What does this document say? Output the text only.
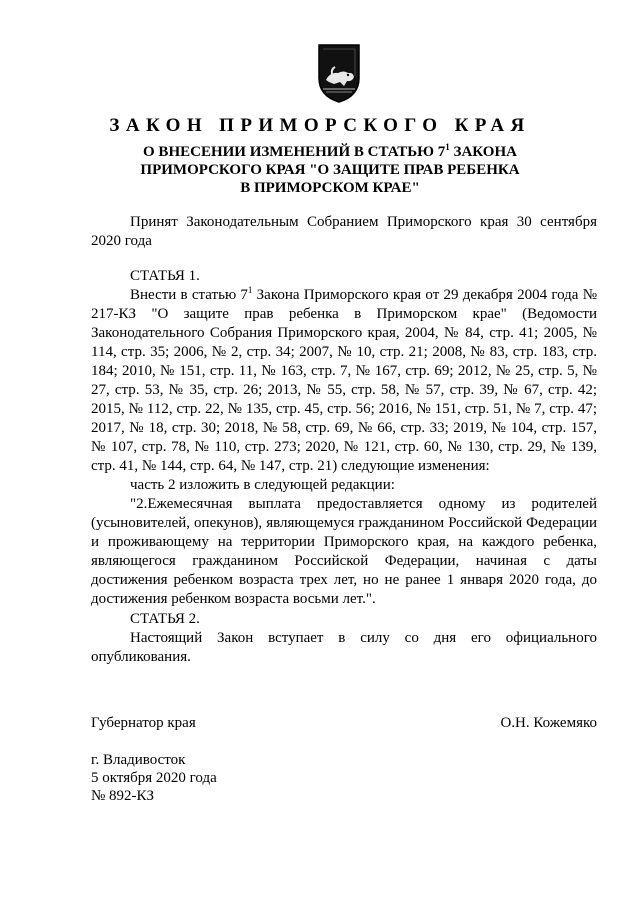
ЗАКОН ПРИМОРСКОГО КРАЯ
О ВНЕСЕНИИ ИЗМЕНЕНИЙ В СТАТЬЮ $7^1$ ЗАКОНА
ПРИМОРСКОГО КРАЯ "О ЗАЩИТЕ ПРАВ РЕБЕНКА
В ПРИМОРСКОМ КРАЕ"
Принят Законодательным Собранием Приморского края 30 сентября 2020 года
СТАТЬЯ 1.

Внести в статью $7^1$ Закона Приморского края от 29 декабря 2004 года № 217-КЗ "О защите прав ребенка в Приморском крае" (Ведомости Законодательного Собрания Приморского края, 2004, № 84, стр. 41; 2005, № 114, стр. 35; 2006, № 2, стр. 34; 2007, № 10, стр. 21; 2008, № 83, стр. 183, стр. 184; 2010, № 151, стр. 11, № 163, стр. 7, № 167, стр. 69; 2012, № 25, стр. 5, № 27, стр. 53, № 35, стр. 26; 2013, № 55, стр. 58, № 57, стр. 39, № 67, стр. 42; 2015, № 112, стр. 22, № 135, стр. 45, стр. 56; 2016, № 151, стр. 51, № 7, стр. 47; 2017, № 18, стр. 30; 2018, № 58, стр. 69, № 66, стр. 33; 2019, № 104, стр. 157, № 107, стр. 78, № 110, стр. 273; 2020, № 121, стр. 60, № 130, стр. 29, № 139, стр. 41, № 144, стр. 64, № 147, стр. 21) следующие изменения:

часть 2 изложить в следующей редакции:

"2.Ежемесячная выплата предоставляется одному из родителей (усыновителей, опекунов), являющемуся гражданином Российской Федерации и проживающему на территории Приморского края, на каждого ребенка, являющегося гражданином Российской Федерации, начиная с даты достижения ребенком возраста трех лет, но не ранее 1 января 2020 года, до достижения ребенком возраста восьми лет.".

СТАТЬЯ 2.

Настоящий Закон вступает в силу со дня его официального опубликования.

Губернатор края	О.Н. Кожемяко
г. Владивосток
5 октября 2020 года
№ 892-КЗ
